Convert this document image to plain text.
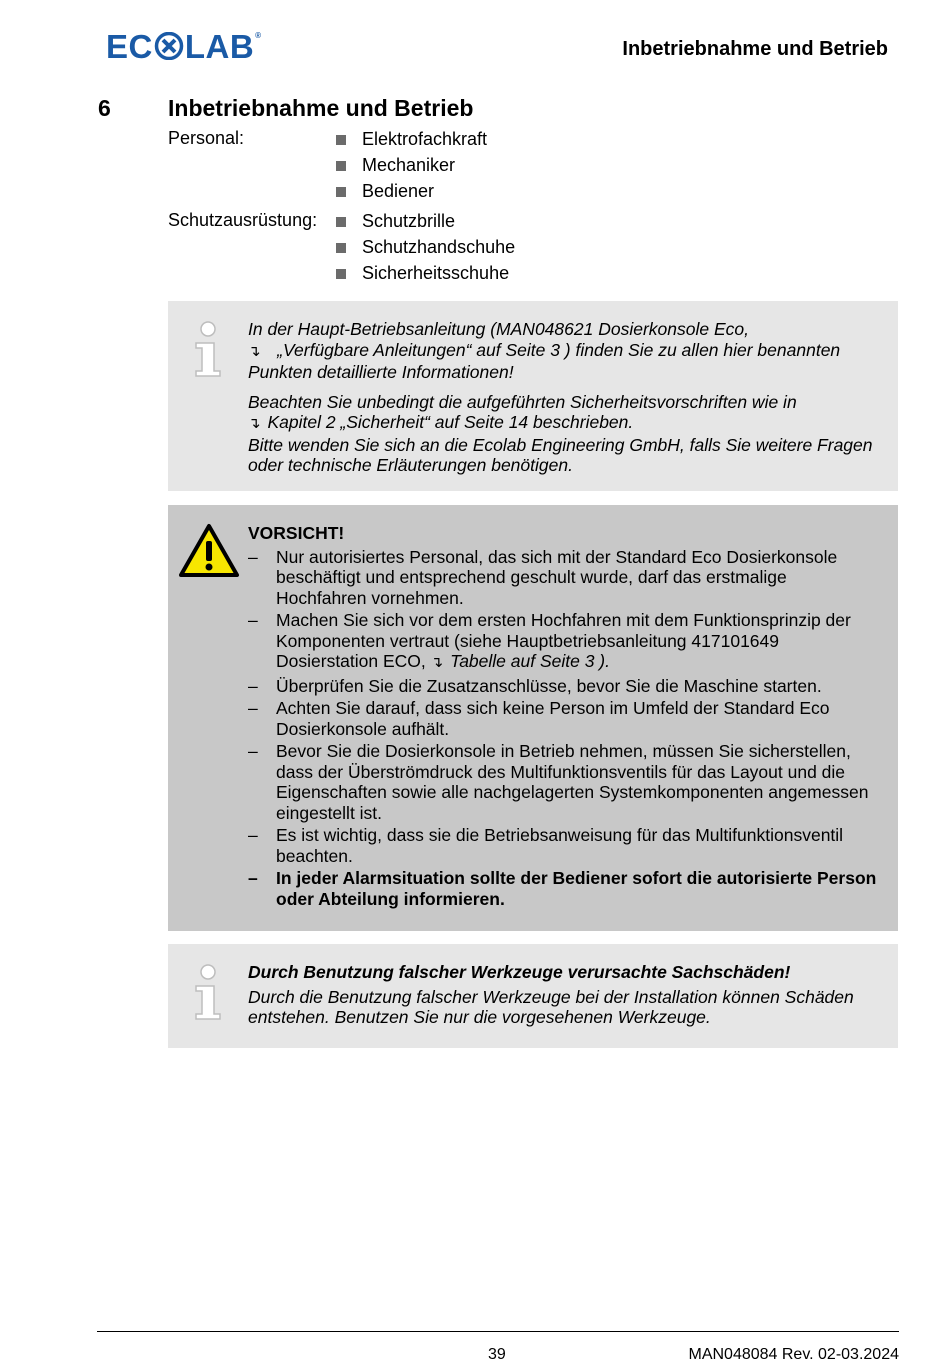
EC LAB ®
Inbetriebnahme und Betrieb
6	Inbetriebnahme und Betrieb
Personal:	Elektrofachkraft
Mechaniker
Bediener
Schutzausrüstung:	Schutzbrille
Schutzhandschuhe
Sicherheitsschuhe

In der Haupt-Betriebsanleitung (MAN048621 Dosierkonsole Eco,
↴ „Verfügbare Anleitungen“ auf Seite 3 ) finden Sie zu allen hier benannten Punkten detaillierte Informationen!

Beachten Sie unbedingt die aufgeführten Sicherheitsvorschriften wie in
↴ Kapitel 2 „Sicherheit“ auf Seite 14 beschrieben.

Bitte wenden Sie sich an die Ecolab Engineering GmbH, falls Sie weitere Fragen oder technische Erläuterungen benötigen.

VORSICHT!

– Nur autorisiertes Personal, das sich mit der Standard Eco Dosierkonsole beschäftigt und entsprechend geschult wurde, darf das erstmalige Hochfahren vornehmen.
– Machen Sie sich vor dem ersten Hochfahren mit dem Funktionsprinzip der Komponenten vertraut (siehe Hauptbetriebsanleitung 417101649 Dosierstation ECO, ↴ Tabelle auf Seite 3 ).
– Überprüfen Sie die Zusatzanschlüsse, bevor Sie die Maschine starten.
– Achten Sie darauf, dass sich keine Person im Umfeld der Standard Eco Dosierkonsole aufhält.
– Bevor Sie die Dosierkonsole in Betrieb nehmen, müssen Sie sicherstellen, dass der Überströmdruck des Multifunktionsventils für das Layout und die Eigenschaften sowie alle nachgelagerten Systemkomponenten angemessen eingestellt ist.
– Es ist wichtig, dass sie die Betriebsanweisung für das Multifunktionsventil beachten.
– In jeder Alarmsituation sollte der Bediener sofort die autorisierte Person oder Abteilung informieren.

Durch Benutzung falscher Werkzeuge verursachte Sachschäden!

Durch die Benutzung falscher Werkzeuge bei der Installation können Schäden entstehen. Benutzen Sie nur die vorgesehenen Werkzeuge.

39	MAN048084 Rev. 02-03.2024
